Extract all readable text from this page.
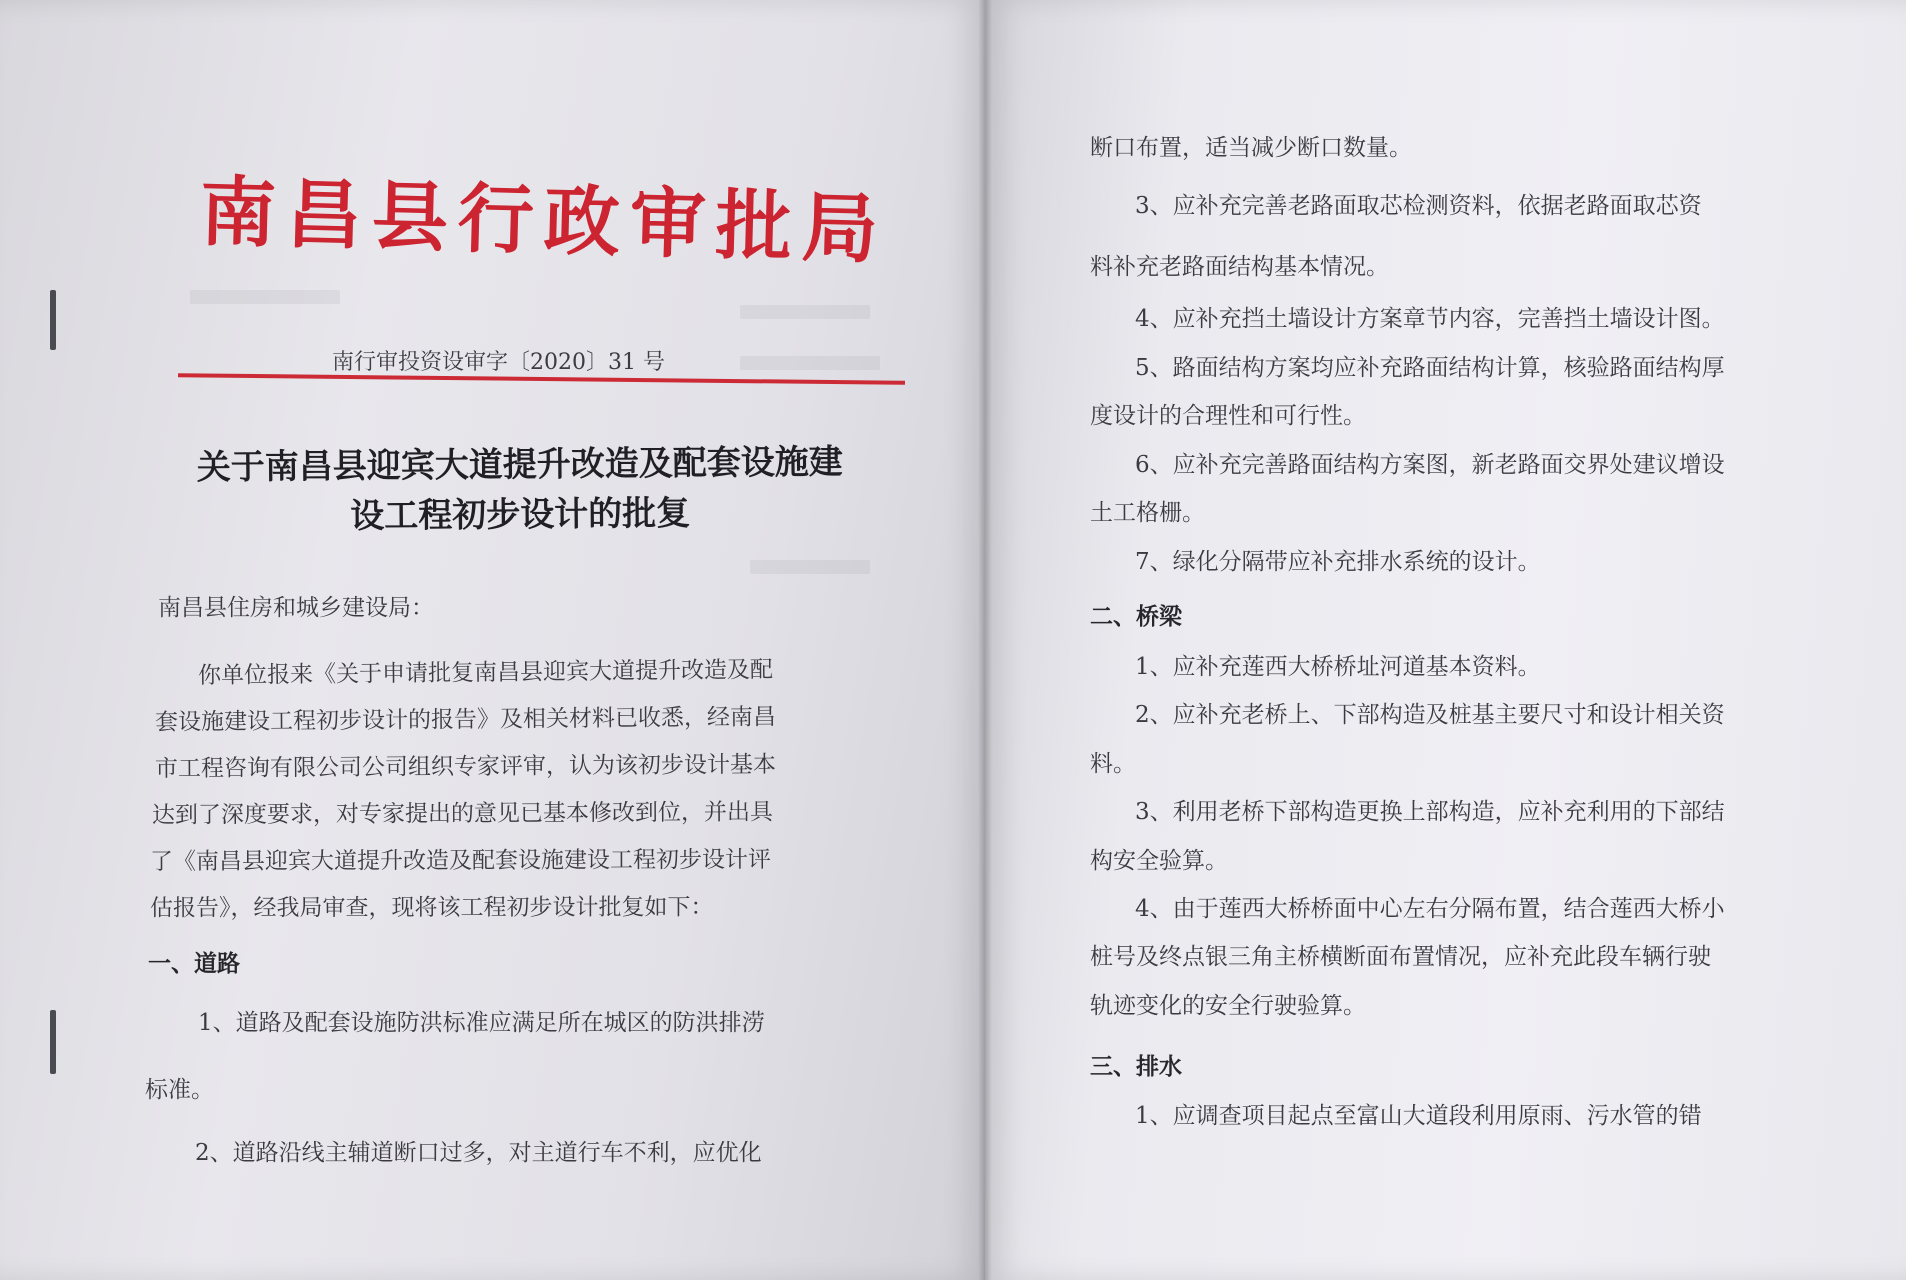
南昌县行政审批局
南行审投资设审字〔2020〕31 号
关于南昌县迎宾大道提升改造及配套设施建
设工程初步设计的批复
南昌县住房和城乡建设局：
你单位报来《关于申请批复南昌县迎宾大道提升改造及配
套设施建设工程初步设计的报告》及相关材料已收悉，经南昌
市工程咨询有限公司公司组织专家评审，认为该初步设计基本
达到了深度要求，对专家提出的意见已基本修改到位，并出具
了《南昌县迎宾大道提升改造及配套设施建设工程初步设计评
估报告》，经我局审查，现将该工程初步设计批复如下：
一、道路
1、道路及配套设施防洪标准应满足所在城区的防洪排涝
标准。
2、道路沿线主辅道断口过多，对主道行车不利，应优化
断口布置，适当减少断口数量。
3、应补充完善老路面取芯检测资料，依据老路面取芯资
料补充老路面结构基本情况。
4、应补充挡土墙设计方案章节内容，完善挡土墙设计图。
5、路面结构方案均应补充路面结构计算，核验路面结构厚
度设计的合理性和可行性。
6、应补充完善路面结构方案图，新老路面交界处建议增设
土工格栅。
7、绿化分隔带应补充排水系统的设计。
二、桥梁
1、应补充莲西大桥桥址河道基本资料。
2、应补充老桥上、下部构造及桩基主要尺寸和设计相关资
料。
3、利用老桥下部构造更换上部构造，应补充利用的下部结
构安全验算。
4、由于莲西大桥桥面中心左右分隔布置，结合莲西大桥小
桩号及终点银三角主桥横断面布置情况，应补充此段车辆行驶
轨迹变化的安全行驶验算。
三、排水
1、应调查项目起点至富山大道段利用原雨、污水管的错
